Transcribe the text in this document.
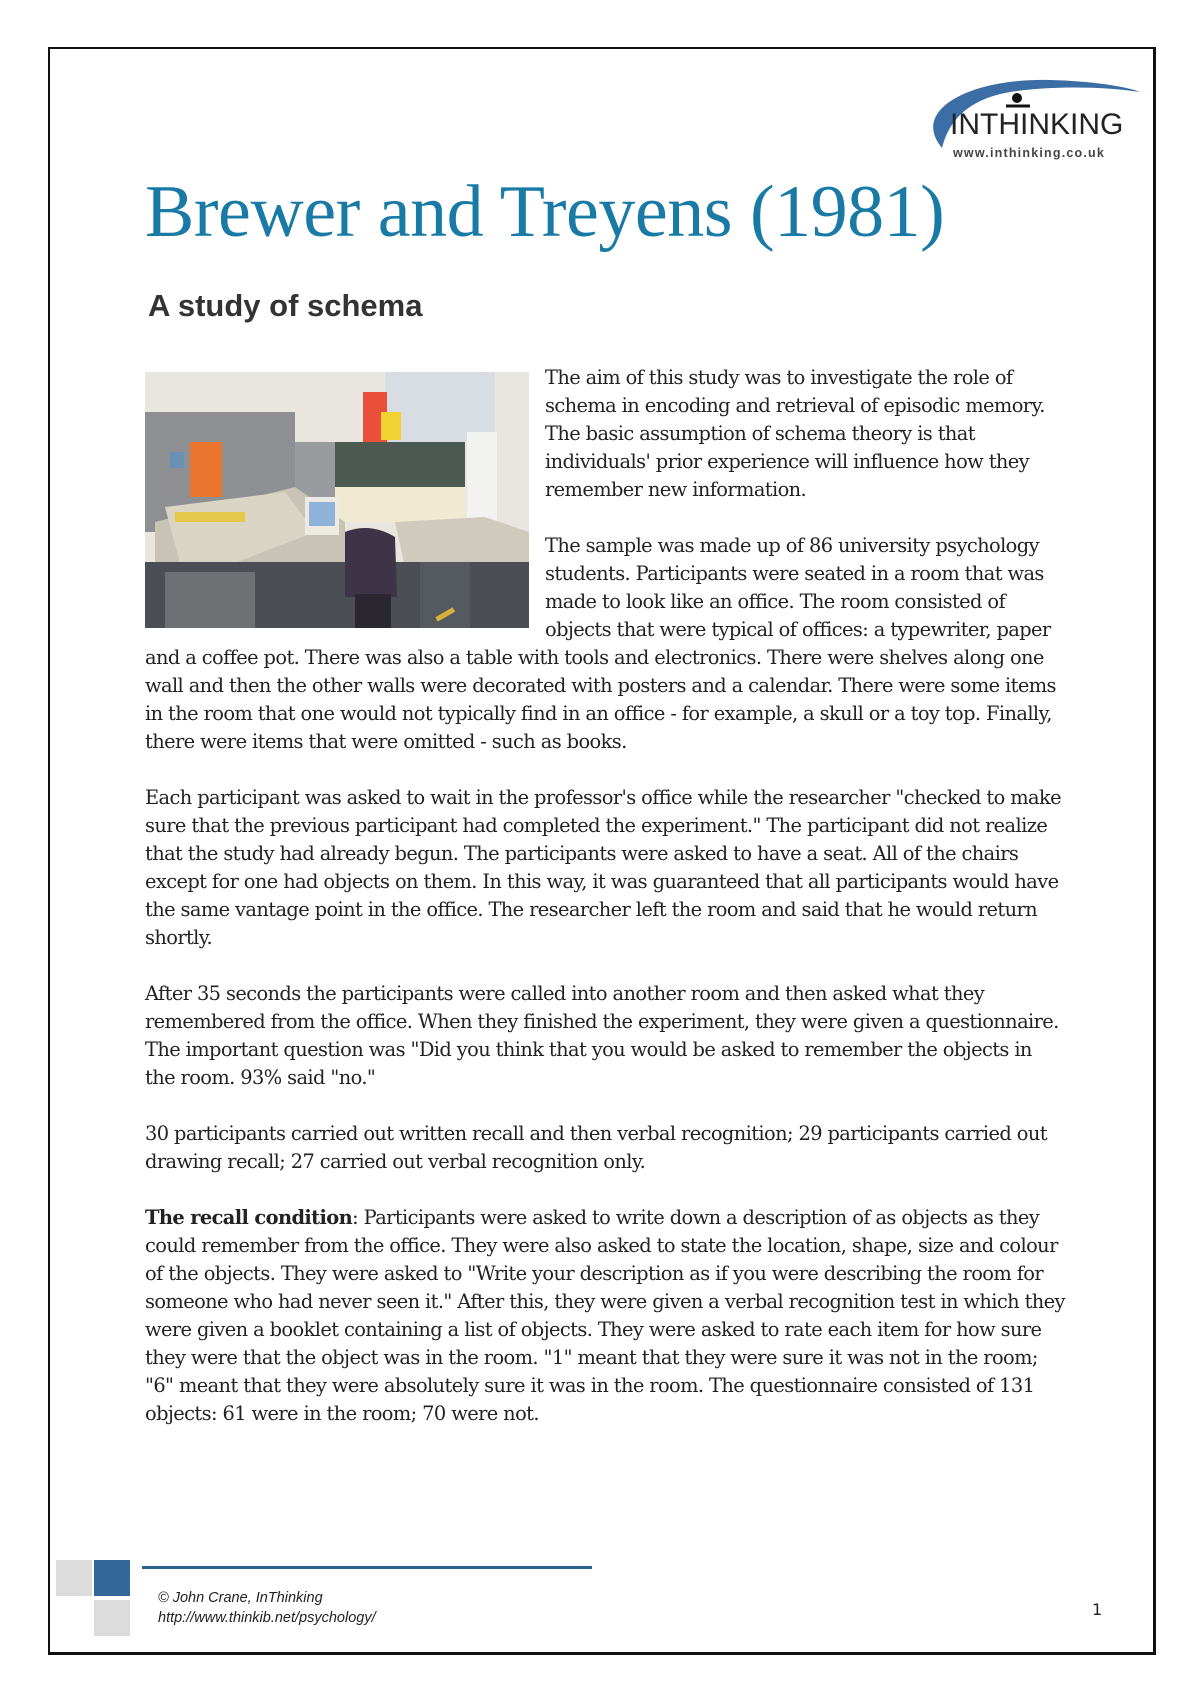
INTHINKING
www.inthinking.co.uk
Brewer and Treyens (1981)
A study of schema

The aim of this study was to investigate the role of schema in encoding and retrieval of episodic memory. The basic assumption of schema theory is that individuals' prior experience will influence how they remember new information.

The sample was made up of 86 university psychology students. Participants were seated in a room that was made to look like an office. The room consisted of objects that were typical of offices: a typewriter, paper and a coffee pot. There was also a table with tools and electronics. There were shelves along one wall and then the other walls were decorated with posters and a calendar. There were some items in the room that one would not typically find in an office - for example, a skull or a toy top. Finally, there were items that were omitted - such as books.

Each participant was asked to wait in the professor's office while the researcher "checked to make sure that the previous participant had completed the experiment." The participant did not realize that the study had already begun. The participants were asked to have a seat. All of the chairs except for one had objects on them. In this way, it was guaranteed that all participants would have the same vantage point in the office. The researcher left the room and said that he would return shortly.

After 35 seconds the participants were called into another room and then asked what they remembered from the office. When they finished the experiment, they were given a questionnaire. The important question was "Did you think that you would be asked to remember the objects in the room. 93% said "no."

30 participants carried out written recall and then verbal recognition; 29 participants carried out drawing recall; 27 carried out verbal recognition only.

The recall condition: Participants were asked to write down a description of as objects as they could remember from the office. They were also asked to state the location, shape, size and colour of the objects. They were asked to "Write your description as if you were describing the room for someone who had never seen it." After this, they were given a verbal recognition test in which they were given a booklet containing a list of objects. They were asked to rate each item for how sure they were that the object was in the room. "1" meant that they were sure it was not in the room; "6" meant that they were absolutely sure it was in the room. The questionnaire consisted of 131 objects: 61 were in the room; 70 were not.

© John Crane, InThinking
http://www.thinkib.net/psychology/	1
